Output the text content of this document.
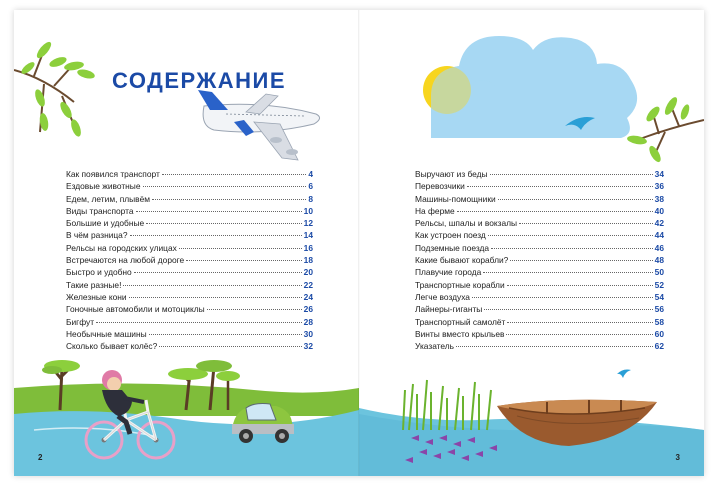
СОДЕРЖАНИЕ
Как появился транспорт	4
Ездовые животные	6
Едем, летим, плывём	8
Виды транспорта	10
Большие и удобные	12
В чём разница?	14
Рельсы на городских улицах	16
Встречаются на любой дороге	18
Быстро и удобно	20
Такие разные!	22
Железные кони	24
Гоночные автомобили и мотоциклы	26
Бигфут	28
Необычные машины	30
Сколько бывает колёс?	32
2
Выручают из беды	34
Перевозчики	36
Машины-помощники	38
На ферме	40
Рельсы, шпалы и вокзалы	42
Как устроен поезд	44
Подземные поезда	46
Какие бывают корабли?	48
Плавучие города	50
Транспортные корабли	52
Легче воздуха	54
Лайнеры-гиганты	56
Транспортный самолёт	58
Винты вместо крыльев	60
Указатель	62
3
